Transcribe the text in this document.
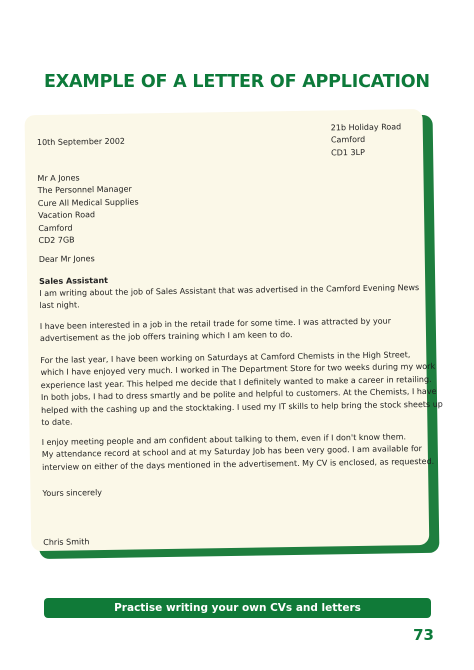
EXAMPLE OF A LETTER OF APPLICATION
21b Holiday Road
Camford
CD1 3LP
10th September 2002
Mr A Jones
The Personnel Manager
Cure All Medical Supplies
Vacation Road
Camford
CD2 7GB
Dear Mr Jones
Sales Assistant
I am writing about the job of Sales Assistant that was advertised in the Camford Evening News
last night.
I have been interested in a job in the retail trade for some time. I was attracted by your
advertisement as the job offers training which I am keen to do.
For the last year, I have been working on Saturdays at Camford Chemists in the High Street,
which I have enjoyed very much. I worked in The Department Store for two weeks during my work
experience last year. This helped me decide that I definitely wanted to make a career in retailing.
In both jobs, I had to dress smartly and be polite and helpful to customers. At the Chemists, I have
helped with the cashing up and the stocktaking. I used my IT skills to help bring the stock sheets up
to date.
I enjoy meeting people and am confident about talking to them, even if I don't know them.
My attendance record at school and at my Saturday Job has been very good. I am available for
interview on either of the days mentioned in the advertisement. My CV is enclosed, as requested.
Yours sincerely
Chris Smith
Practise writing your own CVs and letters
73
